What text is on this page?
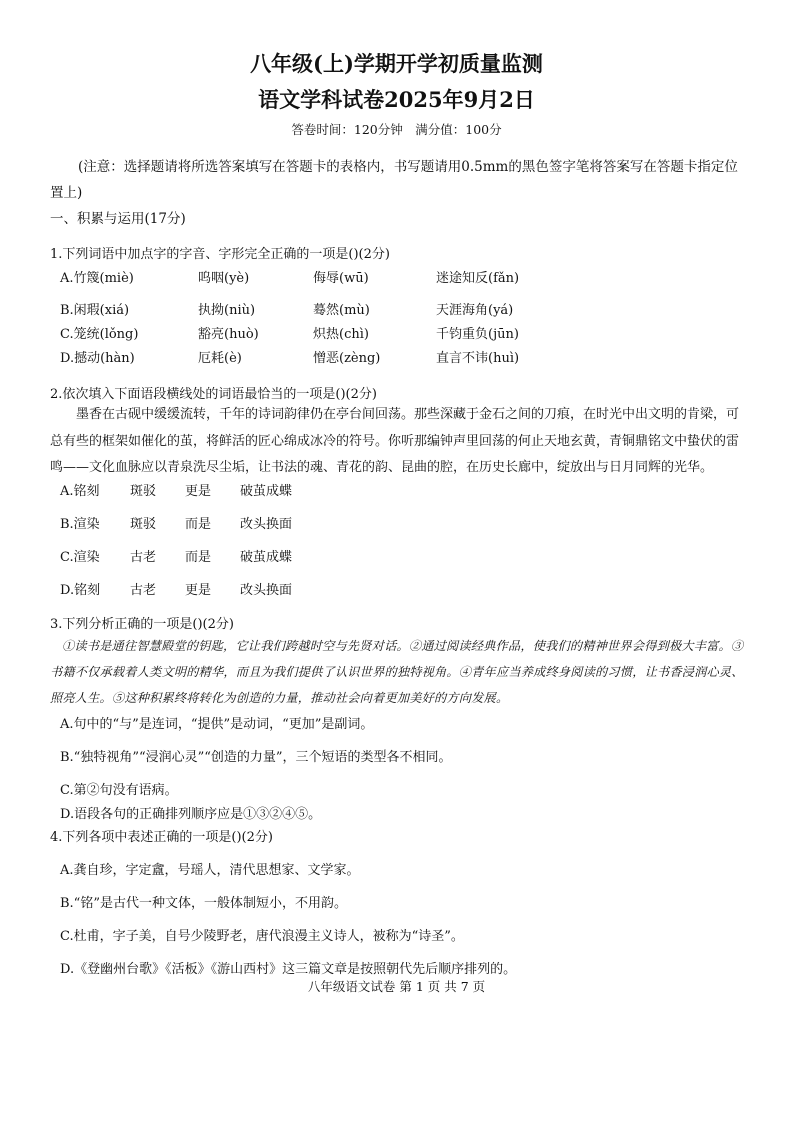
八年级(上)学期开学初质量监测
语文学科试卷2025年9月2日
答卷时间：120分钟　满分值：100分
(注意：选择题请将所选答案填写在答题卡的表格内，书写题请用0.5mm的黑色签字笔将答案写在答题卡指定位置上)
一、积累与运用(17分)
1.下列词语中加点字的字音、字形完全正确的一项是()(2分)
A.竹篾(miè)	呜咽(yè)	侮辱(wū)	迷途知反(fǎn)
B.闲瑕(xiá)	执拗(niù)	蓦然(mù)	天涯海角(yá)
C.笼统(lǒng)	豁亮(huò)	炽热(chì)	千钧重负(jūn)
D.撼动(hàn)	厄耗(è)	憎恶(zèng)	直言不讳(huì)
2.依次填入下面语段横线处的词语最恰当的一项是()(2分)
墨香在古砚中缓缓流转，千年的诗词韵律仍在亭台间回荡。那些深藏于金石之间的刀痕，在时光中出文明的肯梁，可总有些的框架如催化的茧，将鲜活的匠心绵成冰冷的符号。你听那编钟声里回荡的何止天地玄黄，青铜鼎铭文中蛰伏的雷鸣——文化血脉应以青泉洗尽尘垢，让书法的魂、青花的韵、昆曲的腔，在历史长廊中，绽放出与日月同辉的光华。
A.铭刻 斑驳 更是 破茧成蝶
B.渲染 斑驳 而是 改头换面
C.渲染 古老 而是 破茧成蝶
D.铭刻 古老 更是 改头换面
3.下列分析正确的一项是()(2分)
①读书是通往智慧殿堂的钥匙，它让我们跨越时空与先贤对话。②通过阅读经典作品，使我们的精神世界会得到极大丰富。③书籍不仅承载着人类文明的精华，而且为我们提供了认识世界的独特视角。④青年应当养成终身阅读的习惯，让书香浸润心灵、照亮人生。⑤这种积累终将转化为创造的力量，推动社会向着更加美好的方向发展。
A.句中的“与”是连词，“提供”是动词，“更加”是副词。
B.“独特视角”“浸润心灵”“创造的力量”，三个短语的类型各不相同。
C.第②句没有语病。
D.语段各句的正确排列顺序应是①③②④⑤。
4.下列各项中表述正确的一项是()(2分)
A.龚自珍，字定盦，号瑶人，清代思想家、文学家。
B.“铭”是古代一种文体，一般体制短小，不用韵。
C.杜甫，字子美，自号少陵野老，唐代浪漫主义诗人，被称为“诗圣”。
D.《登幽州台歌》《活板》《游山西村》这三篇文章是按照朝代先后顺序排列的。
八年级语文试卷 第 1 页 共 7 页
